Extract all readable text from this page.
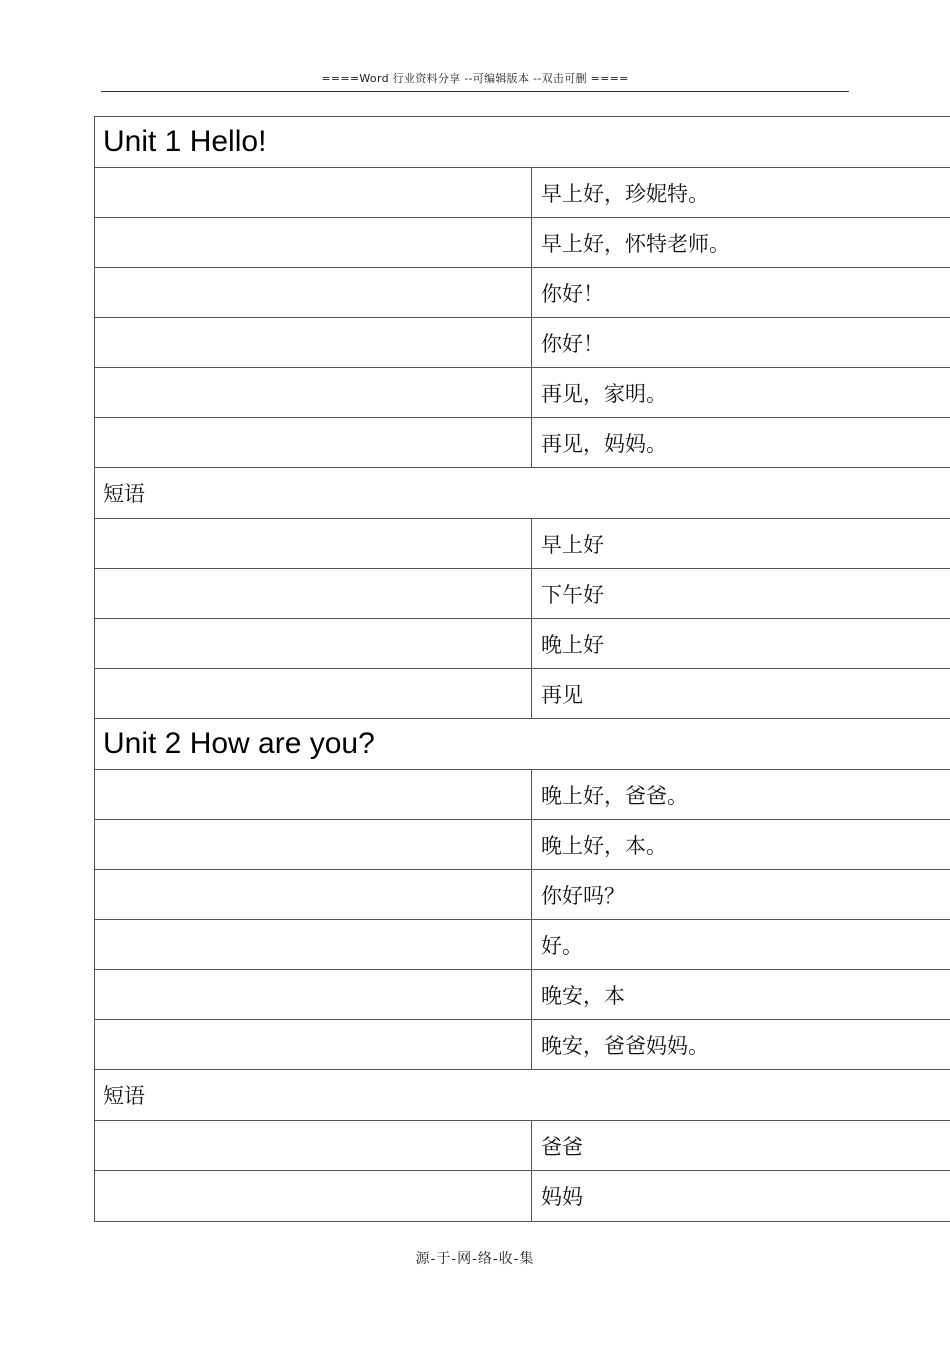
====Word 行业资料分享 --可编辑版本 --双击可删 ====
Unit 1 Hello!
早上好，珍妮特。
早上好，怀特老师。
你好！
你好！
再见，家明。
再见，妈妈。
短语
早上好
下午好
晚上好
再见
Unit 2 How are you?
晚上好，爸爸。
晚上好，本。
你好吗？
好。
晚安，本
晚安，爸爸妈妈。
短语
爸爸
妈妈
源-于-网-络-收-集
